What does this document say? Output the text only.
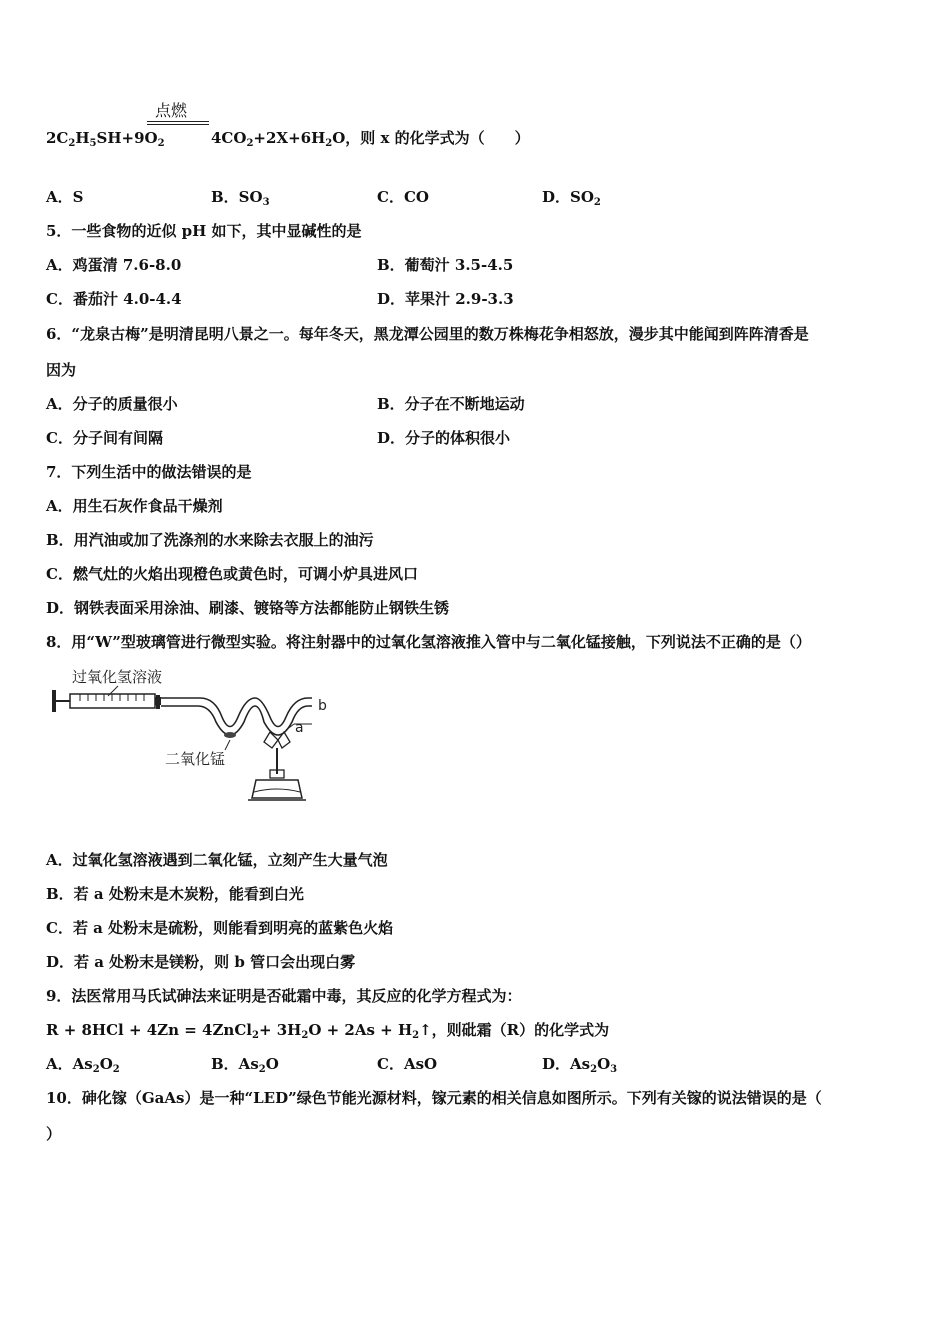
点燃
$2C_2H_5SH+9O_2$	$4CO_2+2X+6H_2O$，则 x 的化学式为（　　）
A．S	B．$SO_3$	C．CO	D．$SO_2$
5．一些食物的近似 pH 如下，其中显碱性的是
A．鸡蛋清 7.6-8.0	B．葡萄汁 3.5-4.5
C．番茄汁 4.0-4.4	D．苹果汁 2.9-3.3
6．“龙泉古梅”是明清昆明八景之一。每年冬天，黑龙潭公园里的数万株梅花争相怒放，漫步其中能闻到阵阵清香是
因为
A．分子的质量很小	B．分子在不断地运动
C．分子间有间隔	D．分子的体积很小
7．下列生活中的做法错误的是
A．用生石灰作食品干燥剂
B．用汽油或加了洗涤剂的水来除去衣服上的油污
C．燃气灶的火焰出现橙色或黄色时，可调小炉具进风口
D．钢铁表面采用涂油、刷漆、镀铬等方法都能防止钢铁生锈
8．用“W”型玻璃管进行微型实验。将注射器中的过氧化氢溶液推入管中与二氧化锰接触，下列说法不正确的是（）
过氧化氢溶液
b
二氧化锰
a
A．过氧化氢溶液遇到二氧化锰，立刻产生大量气泡
B．若 a 处粉末是木炭粉，能看到白光
C．若 a 处粉末是硫粉，则能看到明亮的蓝紫色火焰
D．若 a 处粉末是镁粉，则 b 管口会出现白雾
9．法医常用马氏试砷法来证明是否砒霜中毒，其反应的化学方程式为：
R + 8HCl + 4Zn = 4ZnCl$_2$+ $3H_2O + 2As$ + $H_2↑$，则砒霜（R）的化学式为
A．$As_2O_2$	B．$As_2O$	C．AsO	D．$As_2O_3$
10．砷化镓（GaAs）是一种“LED”绿色节能光源材料，镓元素的相关信息如图所示。下列有关镓的说法错误的是（
）
